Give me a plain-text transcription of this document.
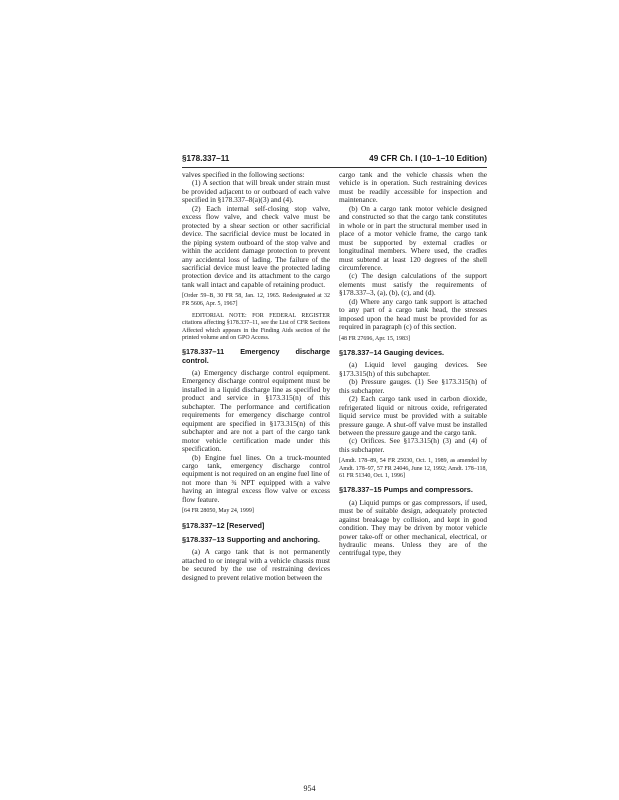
§178.337–11	49 CFR Ch. I (10–1–10 Edition)

valves specified in the following sections:

(1) A section that will break under strain must be provided adjacent to or outboard of each valve specified in §178.337–8(a)(3) and (4).

(2) Each internal self-closing stop valve, excess flow valve, and check valve must be protected by a shear section or other sacrificial device. The sacrificial device must be located in the piping system outboard of the stop valve and within the accident damage protection to prevent any accidental loss of lading. The failure of the sacrificial device must leave the protected lading protection device and its attachment to the cargo tank wall intact and capable of retaining product.

[Order 59–B, 30 FR 58, Jan. 12, 1965. Redesignated at 32 FR 5606, Apr. 5, 1967]

EDITORIAL NOTE: FOR FEDERAL REGISTER citations affecting §178.337–11, see the List of CFR Sections Affected which appears in the Finding Aids section of the printed volume and on GPO Access.

§178.337–11 Emergency discharge control.

(a) Emergency discharge control equipment. Emergency discharge control equipment must be installed in a liquid discharge line as specified by product and service in §173.315(n) of this subchapter. The performance and certification requirements for emergency discharge control equipment are specified in §173.315(n) of this subchapter and are not a part of the cargo tank motor vehicle certification made under this specification.

(b) Engine fuel lines. On a truck-mounted cargo tank, emergency discharge control equipment is not required on an engine fuel line of not more than ¾ NPT equipped with a valve having an integral excess flow valve or excess flow feature.

[64 FR 28050, May 24, 1999]

§178.337–12 [Reserved]

§178.337–13 Supporting and anchoring.

(a) A cargo tank that is not permanently attached to or integral with a vehicle chassis must be secured by the use of restraining devices designed to prevent relative motion between the

cargo tank and the vehicle chassis when the vehicle is in operation. Such restraining devices must be readily accessible for inspection and maintenance.

(b) On a cargo tank motor vehicle designed and constructed so that the cargo tank constitutes in whole or in part the structural member used in place of a motor vehicle frame, the cargo tank must be supported by external cradles or longitudinal members. Where used, the cradles must subtend at least 120 degrees of the shell circumference.

(c) The design calculations of the support elements must satisfy the requirements of §178.337–3, (a), (b), (c), and (d).

(d) Where any cargo tank support is attached to any part of a cargo tank head, the stresses imposed upon the head must be provided for as required in paragraph (c) of this section.

[48 FR 27696, Apr. 15, 1983]

§178.337–14 Gauging devices.

(a) Liquid level gauging devices. See §173.315(h) of this subchapter.

(b) Pressure gauges. (1) See §173.315(h) of this subchapter.

(2) Each cargo tank used in carbon dioxide, refrigerated liquid or nitrous oxide, refrigerated liquid service must be provided with a suitable pressure gauge. A shut-off valve must be installed between the pressure gauge and the cargo tank.

(c) Orifices. See §173.315(h) (3) and (4) of this subchapter.

[Amdt. 178–89, 54 FR 25030, Oct. 1, 1989, as amended by Amdt. 178–97, 57 FR 24046, June 12, 1992; Amdt. 178–118, 61 FR 51340, Oct. 1, 1996]

§178.337–15 Pumps and compressors.

(a) Liquid pumps or gas compressors, if used, must be of suitable design, adequately protected against breakage by collision, and kept in good condition. They may be driven by motor vehicle power take-off or other mechanical, electrical, or hydraulic means. Unless they are of the centrifugal type, they

954
